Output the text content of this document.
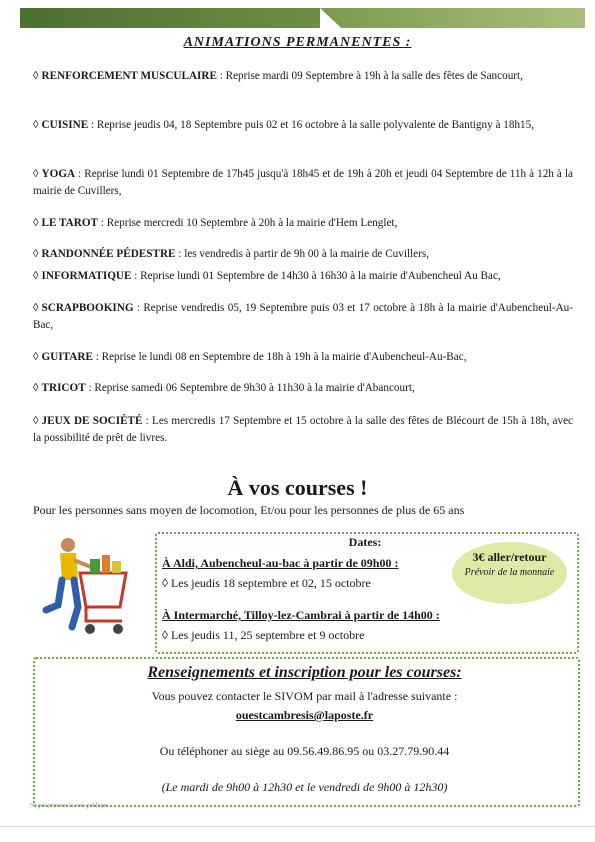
ANIMATIONS PERMANENTES :
◊ RENFORCEMENT MUSCULAIRE : Reprise mardi 09 Septembre à 19h à la salle des fêtes de Sancourt,
◊ CUISINE : Reprise jeudis 04, 18 Septembre puis 02 et 16 octobre à la salle polyvalente de Bantigny à 18h15,
◊ YOGA : Reprise lundi 01 Septembre de 17h45 jusqu'à 18h45 et de 19h à 20h et jeudi 04 Septembre de 11h à 12h à la mairie de Cuvillers,
◊ LE TAROT : Reprise mercredi 10 Septembre à 20h à la mairie d'Hem Lenglet,
◊ RANDONNÉE PÉDESTRE : les vendredis à partir de 9h 00 à la mairie de Cuvillers,
◊ INFORMATIQUE : Reprise lundi 01 Septembre de 14h30 à 16h30 à la mairie d'Aubencheul Au Bac,
◊ SCRAPBOOKING : Reprise vendredis 05, 19 Septembre puis 03 et 17 octobre à 18h à la mairie d'Aubencheul-Au-Bac,
◊ GUITARE : Reprise le lundi 08 en Septembre de 18h à 19h à la mairie d'Aubencheul-Au-Bac,
◊ TRICOT : Reprise samedi 06 Septembre de 9h30 à 11h30 à la mairie d'Abancourt,
◊ JEUX DE SOCIÉTÉ : Les mercredis 17 Septembre et 15 octobre à la salle des fêtes de Blécourt de 15h à 18h, avec la possibilité de prêt de livres.
À vos courses !
Pour les personnes sans moyen de locomotion, Et/ou pour les personnes de plus de 65 ans
Dates:
À Aldi, Aubencheul-au-bac à partir de 09h00 :
◊ Les jeudis 18 septembre et 02, 15 octobre
À Intermarché, Tilloy-lez-Cambrai à partir de 14h00 :
◊ Les jeudis 11, 25 septembre et 9 octobre
3€ aller/retour
Prévoir de la monnaie
Renseignements et inscription pour les courses:
Vous pouvez contacter le SIVOM par mail à l'adresse suivante :
ouestcambresis@laposte.fr
Ou téléphoner au siège au 09.56.49.86.95 ou 03.27.79.90.44
(Le mardi de 9h00 à 12h30 et le vendredi de 9h00 à 12h30)
Ne pas jeter sur la voie publique
